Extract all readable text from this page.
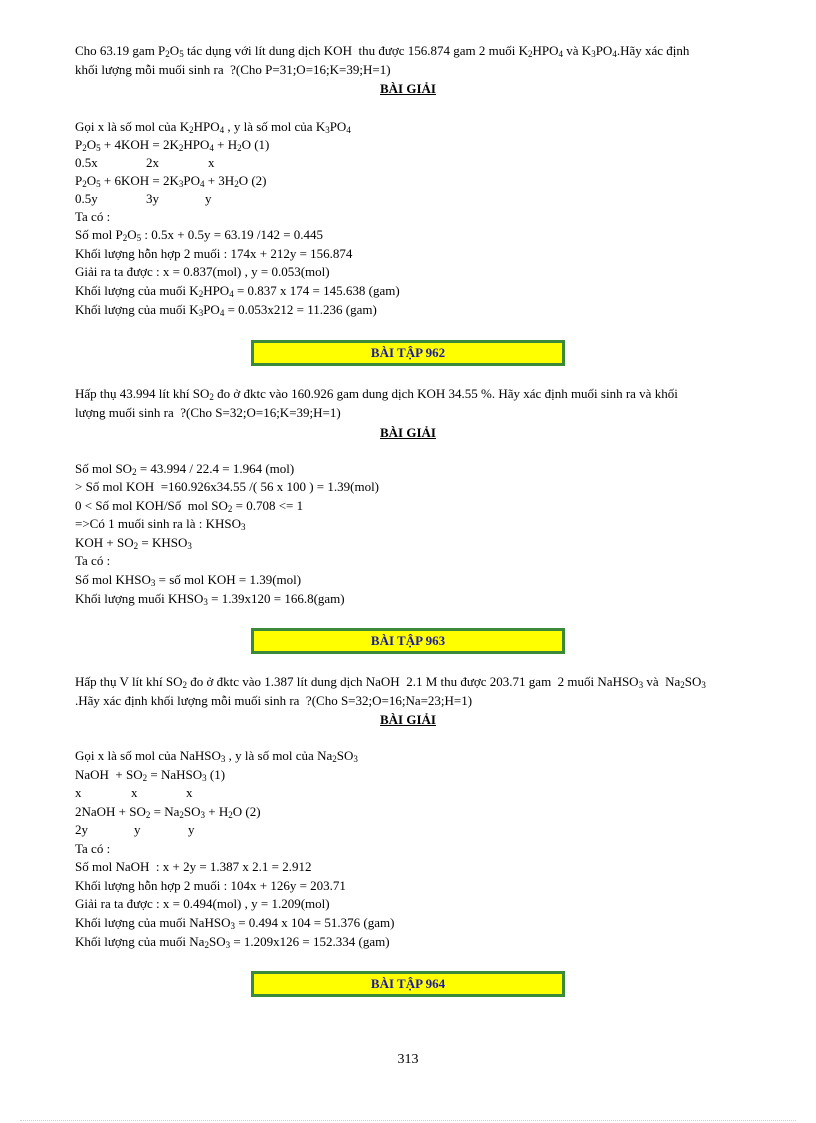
Cho 63.19 gam $P_2O_5$ tác dụng với lít dung dịch KOH  thu được 156.874 gam 2 muối $K_2HPO_4$ và $K_3PO_4.Hãy$ xác định
khối lượng mỗi muối sinh ra  ?(Cho P=31;O=16;K=39;H=1)
BÀI GIẢI
Gọi x là số mol của $K_2HPO_4$ , y là số mol của $K_3PO_4$
$P_2O_5 + 4KOH = 2K_2HPO_4 + H_2O$ (1)
0.5x	2x	x
$P_2O_5 + 6KOH = 2K_3PO_4 + 3H_2O$ (2)
0.5y	3y	y
Ta có :
Số mol $P_2O_5$ : 0.5x + 0.5y = 63.19 /142 = 0.445
Khối lượng hỗn hợp 2 muối : 174x + 212y = 156.874
Giải ra ta được : x = 0.837(mol) , y = 0.053(mol)
Khối lượng của muối $K_2HPO_4 = 0.837$ x 174 = 145.638 (gam)
Khối lượng của muối $K_3PO_4 = 0.053x212 = 11.236$ (gam)
BÀI TẬP 962
Hấp thụ 43.994 lít khí $SO_2$ đo ở đktc vào 160.926 gam dung dịch KOH 34.55 %. Hãy xác định muối sinh ra và khối
lượng muối sinh ra  ?(Cho S=32;O=16;K=39;H=1)
BÀI GIẢI
Số mol $SO_2 = 43.994 / 22.4 = 1.964$ (mol)
> Số mol KOH  =160.926x34.55 /( 56 x 100 ) = 1.39(mol)
0 < Số mol KOH/Số  mol $SO_2 = 0.708 <= 1$
=>Có 1 muối sinh ra là : $KHSO_3$
KOH + $SO_2$ = $KHSO_3$
Ta có :
Số mol $KHSO_3$ = số mol KOH = 1.39(mol)
Khối lượng muối $KHSO_3 = 1.39x120 = 166.8(gam)$
BÀI TẬP 963
Hấp thụ V lít khí $SO_2$ đo ở đktc vào 1.387 lít dung dịch NaOH  2.1 M thu được 203.71 gam  2 muối NaHSO$_3$ và  $Na_2SO_3$
.Hãy xác định khối lượng mỗi muối sinh ra  ?(Cho S=32;O=16;Na=23;H=1)
BÀI GIẢI
Gọi x là số mol của NaHSO$_3$ , y là số mol của $Na_2SO_3$
NaOH  + $SO_2$ = NaHSO$_3$ (1)
x	x	x
2NaOH + $SO_2 = Na_2SO_3 + H_2O$ (2)
2y	y	y
Ta có :
Số mol NaOH  : x + 2y = 1.387 x 2.1 = 2.912
Khối lượng hỗn hợp 2 muối : 104x + 126y = 203.71
Giải ra ta được : x = 0.494(mol) , y = 1.209(mol)
Khối lượng của muối NaHSO$_3$ = 0.494 x 104 = 51.376 (gam)
Khối lượng của muối $Na_2SO_3 = 1.209x126 = 152.334$ (gam)
BÀI TẬP 964
313
